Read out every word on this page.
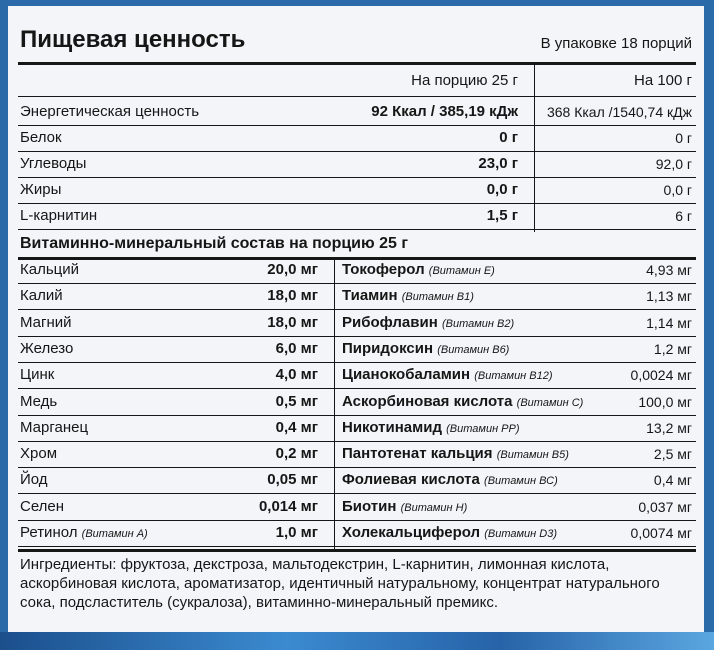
Пищевая ценность	В упаковке 18 порций
На порцию 25 г	На 100 г
Энергетическая ценность	92 Ккал / 385,19 кДж 368 Ккал /1540,74 кДж
Белок	0 г	0 г
Углеводы	23,0 г	92,0 г
Жиры	0,0 г	0,0 г
L-карнитин	1,5 г	6 г
Витаминно-минеральный состав на порцию 25 г
Кальций	20,0 мг Токоферол (Витамин Е)	4,93 мг
Калий	18,0 мг Тиамин (Витамин В1)	1,13 мг
Магний	18,0 мг Рибофлавин (Витамин В2)	1,14 мг
Железо	6,0 мг Пиридоксин (Витамин В6)	1,2 мг
Цинк	4,0 мг Цианокобаламин (Витамин В12)	0,0024 мг
Медь	0,5 мг Аскорбиновая кислота (Витамин С)	100,0 мг
Марганец	0,4 мг Никотинамид (Витамин РР)	13,2 мг
Хром	0,2 мг Пантотенат кальция (Витамин В5)	2,5 мг
Йод	0,05 мг Фолиевая кислота (Витамин ВС)	0,4 мг
Селен	0,014 мг Биотин (Витамин Н)	0,037 мг
Ретинол (Витамин А)	1,0 мг Холекальциферол (Витамин D3)	0,0074 мг
Ингредиенты: фруктоза, декстроза, мальтодекстрин, L-карнитин, лимонная кислота,
аскорбиновая кислота, ароматизатор, идентичный натуральному, концентрат натурального
сока, подсластитель (сукралоза), витаминно-минеральный премикс.
